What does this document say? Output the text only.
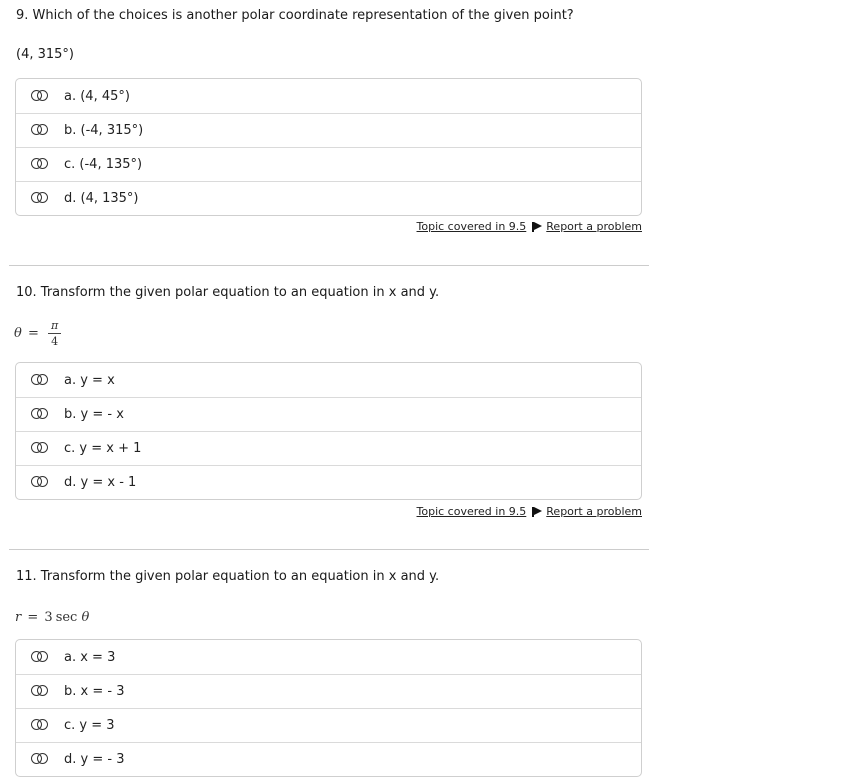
9. Which of the choices is another polar coordinate representation of the given point?
(4, 315°)
a. (4, 45°)
b. (-4, 315°)
c. (-4, 135°)
d. (4, 135°)
Topic covered in 9.5 Report a problem
10. Transform the given polar equation to an equation in x and y.
$\theta = \frac{\pi}{4}$
a. y = x
b. y = - x
c. y = x + 1
d. y = x - 1
Topic covered in 9.5 Report a problem
11. Transform the given polar equation to an equation in x and y.
r = 3 sec θ
a. x = 3
b. x = - 3
c. y = 3
d. y = - 3
